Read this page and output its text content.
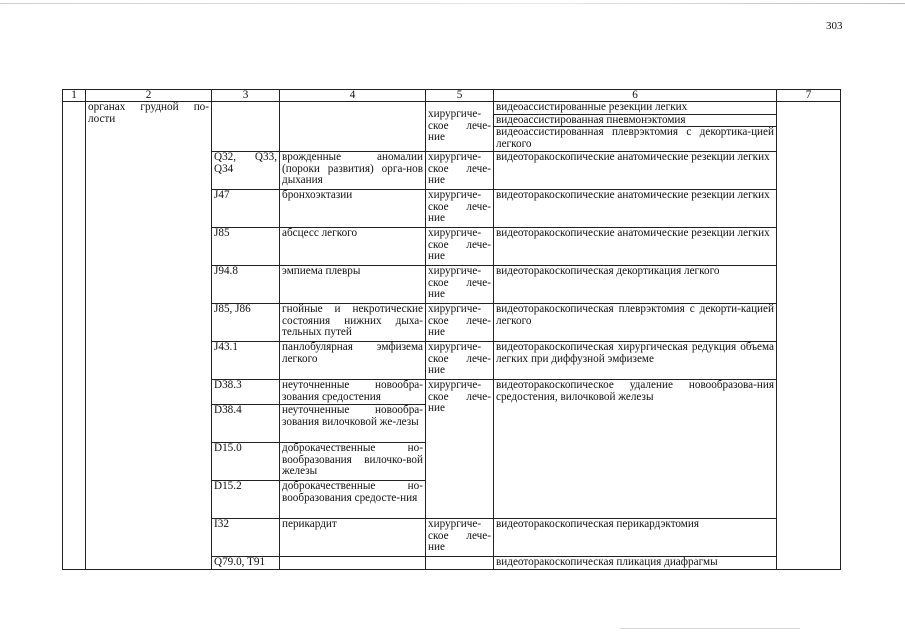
303
1	2	3	4	5	6	7
	органах грудной по-лости			хирургиче-ское лече-ние	видеоассистированные резекции легких	
					видеоассистированная пневмонэктомия	
					видеоассистированная плеврэктомия с декортика-цией легкого	
		Q32, Q33, Q34	врожденные аномалии (пороки развития) орга-нов дыхания	хирургиче-ское лече-ние	видеоторакоскопические анатомические резекции легких	
		J47	бронхоэктазии	хирургиче-ское лече-ние	видеоторакоскопические анатомические резекции легких	
		J85	абсцесс легкого	хирургиче-ское лече-ние	видеоторакоскопические анатомические резекции легких	
		J94.8	эмпиема плевры	хирургиче-ское лече-ние	видеоторакоскопическая декортикация легкого	
		J85, J86	гнойные и некротические состояния нижних дыха-тельных путей	хирургиче-ское лече-ние	видеоторакоскопическая плеврэктомия с декорти-кацией легкого	
		J43.1	панлобулярная эмфизема легкого	хирургиче-ское лече-ние	видеоторакоскопическая хирургическая редукция объема легких при диффузной эмфиземе	
		D38.3	неуточненные новообра-зования средостения	хирургиче-ское лече-ние	видеоторакоскопическое удаление новообразова-ния средостения, вилочковой железы	
		D38.4	неуточненные новообра-зования вилочковой же-лезы			
		D15.0	доброкачественные но-вообразования вилочко-вой железы			
		D15.2	доброкачественные но-вообразования средосте-ния			
		I32	перикардит	хирургиче-ское лече-ние	видеоторакоскопическая перикардэктомия	
		Q79.0, T91			видеоторакоскопическая пликация диафрагмы	
